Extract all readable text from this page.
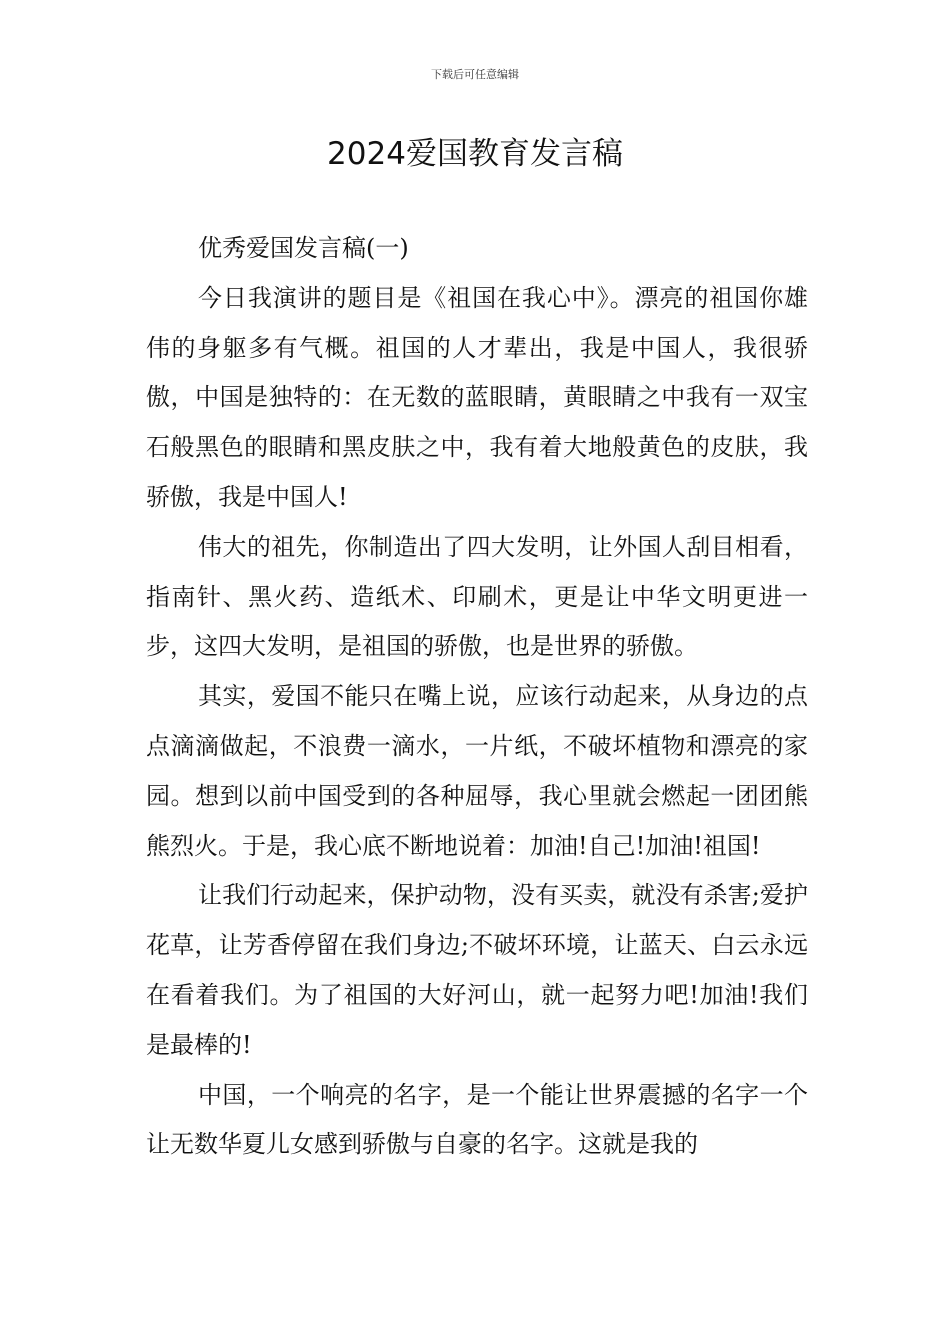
下载后可任意编辑
2024爱国教育发言稿

优秀爱国发言稿(一)

今日我演讲的题目是《祖国在我心中》。漂亮的祖国你雄伟的身躯多有气概。祖国的人才辈出，我是中国人，我很骄傲，中国是独特的：在无数的蓝眼睛，黄眼睛之中我有一双宝石般黑色的眼睛和黑皮肤之中，我有着大地般黄色的皮肤，我骄傲，我是中国人!

伟大的祖先，你制造出了四大发明，让外国人刮目相看，指南针、黑火药、造纸术、印刷术，更是让中华文明更进一步，这四大发明，是祖国的骄傲，也是世界的骄傲。

其实，爱国不能只在嘴上说，应该行动起来，从身边的点点滴滴做起，不浪费一滴水，一片纸，不破坏植物和漂亮的家园。想到以前中国受到的各种屈辱，我心里就会燃起一团团熊熊烈火。于是，我心底不断地说着：加油!自己!加油!祖国!

让我们行动起来，保护动物，没有买卖，就没有杀害;爱护花草，让芳香停留在我们身边;不破坏环境，让蓝天、白云永远在看着我们。为了祖国的大好河山，就一起努力吧!加油!我们是最棒的!

中国，一个响亮的名字，是一个能让世界震撼的名字一个让无数华夏儿女感到骄傲与自豪的名字。这就是我的
